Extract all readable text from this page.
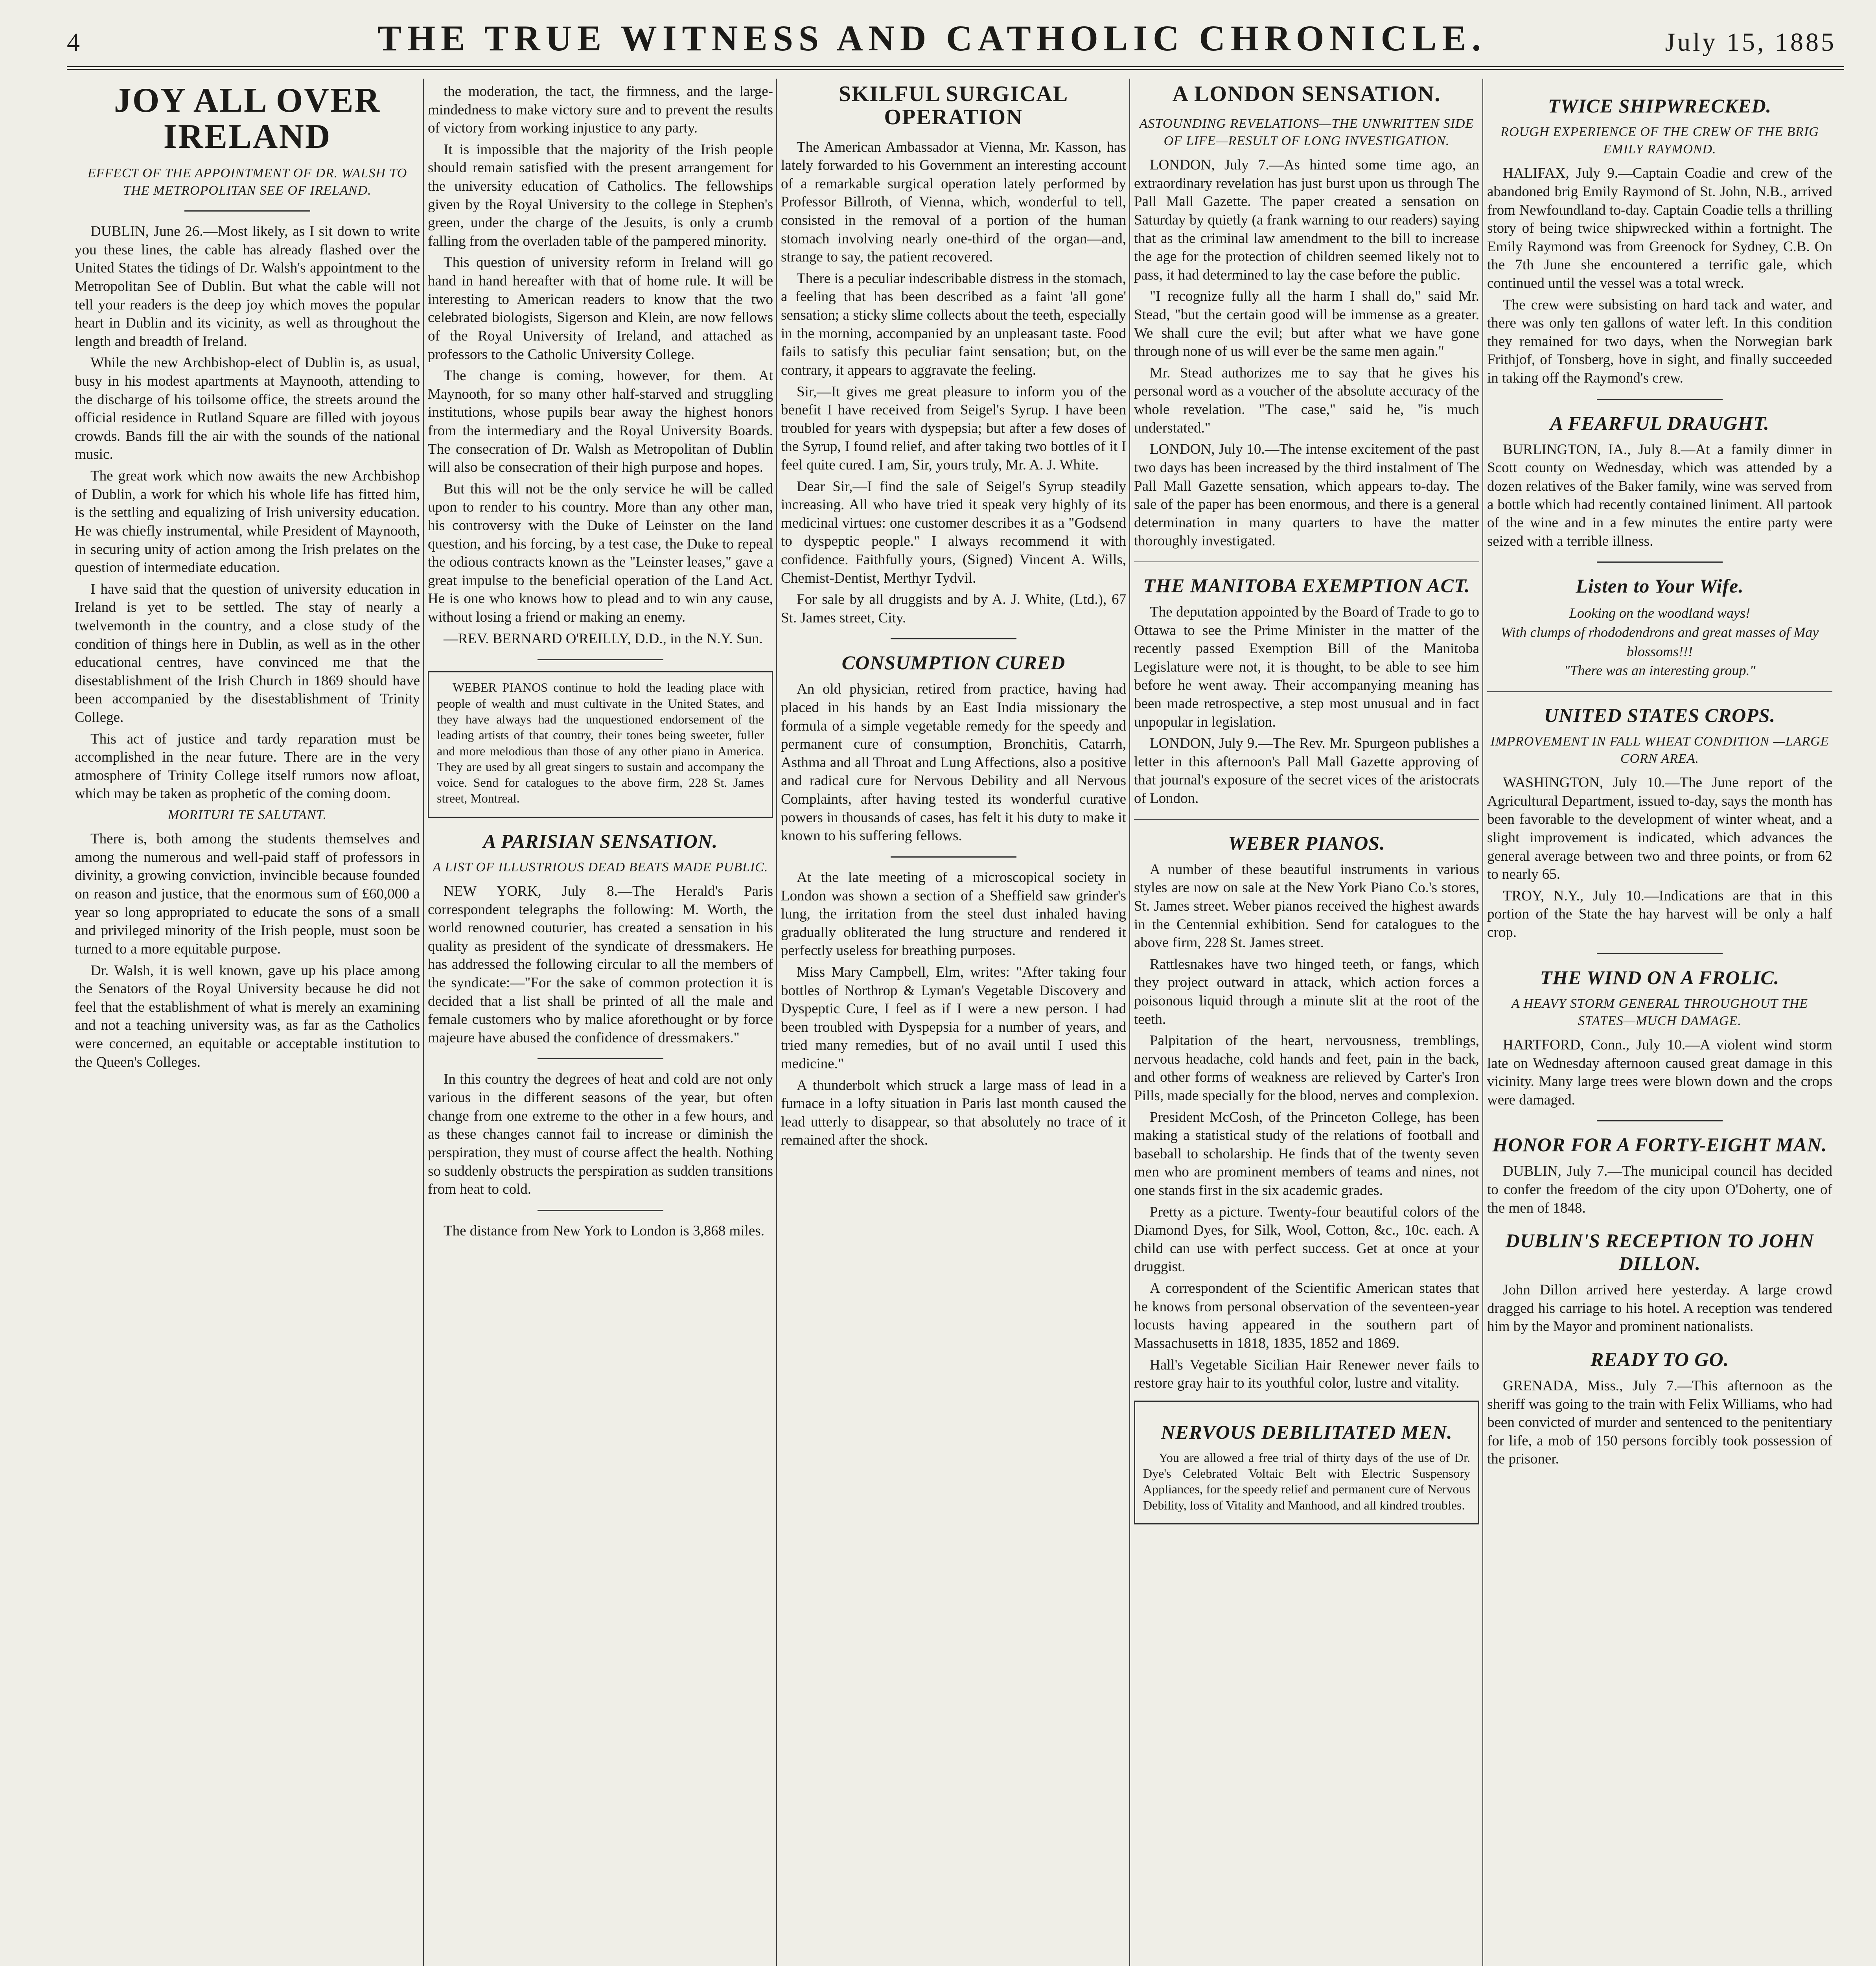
4	THE TRUE WITNESS AND CATHOLIC CHRONICLE.	July 15, 1885
JOY ALL OVER IRELAND
EFFECT OF THE APPOINTMENT OF DR. WALSH TO THE METROPOLITAN SEE OF IRELAND.

DUBLIN, June 26.—Most likely, as I sit down to write you these lines, the cable has already flashed over the United States the tidings of Dr. Walsh's appointment to the Metropolitan See of Dublin. But what the cable will not tell your readers is the deep joy which moves the popular heart in Dublin and its vicinity, as well as throughout the length and breadth of Ireland.

While the new Archbishop-elect of Dublin is, as usual, busy in his modest apartments at Maynooth, attending to the discharge of his toilsome office, the streets around the official residence in Rutland Square are filled with joyous crowds. Bands fill the air with the sounds of the national music.

The great work which now awaits the new Archbishop of Dublin, a work for which his whole life has fitted him, is the settling and equalizing of Irish university education. He was chiefly instrumental, while President of Maynooth, in securing unity of action among the Irish prelates on the question of intermediate education.

I have said that the question of university education in Ireland is yet to be settled. The stay of nearly a twelvemonth in the country, and a close study of the condition of things here in Dublin, as well as in the other educational centres, have convinced me that the disestablishment of the Irish Church in 1869 should have been accompanied by the disestablishment of Trinity College.

This act of justice and tardy reparation must be accomplished in the near future. There are in the very atmosphere of Trinity College itself rumors now afloat, which may be taken as prophetic of the coming doom.

MORITURI TE SALUTANT.

There is, both among the students themselves and among the numerous and well-paid staff of professors in divinity, a growing conviction, invincible because founded on reason and justice, that the enormous sum of £60,000 a year so long appropriated to educate the sons of a small and privileged minority of the Irish people, must soon be turned to a more equitable purpose.

Dr. Walsh, it is well known, gave up his place among the Senators of the Royal University because he did not feel that the establishment of what is merely an examining and not a teaching university was, as far as the Catholics were concerned, an equitable or acceptable institution to the Queen's Colleges.

the moderation, the tact, the firmness, and the large-mindedness to make victory sure and to prevent the results of victory from working injustice to any party.

It is impossible that the majority of the Irish people should remain satisfied with the present arrangement for the university education of Catholics. The fellowships given by the Royal University to the college in Stephen's green, under the charge of the Jesuits, is only a crumb falling from the overladen table of the pampered minority.

This question of university reform in Ireland will go hand in hand hereafter with that of home rule. It will be interesting to American readers to know that the two celebrated biologists, Sigerson and Klein, are now fellows of the Royal University of Ireland, and attached as professors to the Catholic University College.

The change is coming, however, for them. At Maynooth, for so many other half-starved and struggling institutions, whose pupils bear away the highest honors from the intermediary and the Royal University Boards. The consecration of Dr. Walsh as Metropolitan of Dublin will also be consecration of their high purpose and hopes.

But this will not be the only service he will be called upon to render to his country. More than any other man, his controversy with the Duke of Leinster on the land question, and his forcing, by a test case, the Duke to repeal the odious contracts known as the "Leinster leases," gave a great impulse to the beneficial operation of the Land Act. He is one who knows how to plead and to win any cause, without losing a friend or making an enemy.

—REV. BERNARD O'REILLY, D.D., in the N.Y. Sun.

WEBER PIANOS continue to hold the leading place with people of wealth and must cultivate in the United States, and they have always had the unquestioned endorsement of the leading artists of that country, their tones being sweeter, fuller and more melodious than those of any other piano in America. They are used by all great singers to sustain and accompany the voice. Send for catalogues to the above firm, 228 St. James street, Montreal.

A PARISIAN SENSATION.
A LIST OF ILLUSTRIOUS DEAD BEATS MADE PUBLIC.

NEW YORK, July 8.—The Herald's Paris correspondent telegraphs the following: M. Worth, the world renowned couturier, has created a sensation in his quality as president of the syndicate of dressmakers. He has addressed the following circular to all the members of the syndicate:—"For the sake of common protection it is decided that a list shall be printed of all the male and female customers who by malice aforethought or by force majeure have abused the confidence of dressmakers."

In this country the degrees of heat and cold are not only various in the different seasons of the year, but often change from one extreme to the other in a few hours, and as these changes cannot fail to increase or diminish the perspiration, they must of course affect the health. Nothing so suddenly obstructs the perspiration as sudden transitions from heat to cold.

The distance from New York to London is 3,868 miles.

SKILFUL SURGICAL OPERATION

The American Ambassador at Vienna, Mr. Kasson, has lately forwarded to his Government an interesting account of a remarkable surgical operation lately performed by Professor Billroth, of Vienna, which, wonderful to tell, consisted in the removal of a portion of the human stomach involving nearly one-third of the organ—and, strange to say, the patient recovered.

There is a peculiar indescribable distress in the stomach, a feeling that has been described as a faint 'all gone' sensation; a sticky slime collects about the teeth, especially in the morning, accompanied by an unpleasant taste. Food fails to satisfy this peculiar faint sensation; but, on the contrary, it appears to aggravate the feeling.

Sir,—It gives me great pleasure to inform you of the benefit I have received from Seigel's Syrup. I have been troubled for years with dyspepsia; but after a few doses of the Syrup, I found relief, and after taking two bottles of it I feel quite cured. I am, Sir, yours truly, Mr. A. J. White.

Dear Sir,—I find the sale of Seigel's Syrup steadily increasing. All who have tried it speak very highly of its medicinal virtues: one customer describes it as a "Godsend to dyspeptic people." I always recommend it with confidence. Faithfully yours, (Signed) Vincent A. Wills, Chemist-Dentist, Merthyr Tydvil.

For sale by all druggists and by A. J. White, (Ltd.), 67 St. James street, City.

CONSUMPTION CURED

An old physician, retired from practice, having had placed in his hands by an East India missionary the formula of a simple vegetable remedy for the speedy and permanent cure of consumption, Bronchitis, Catarrh, Asthma and all Throat and Lung Affections, also a positive and radical cure for Nervous Debility and all Nervous Complaints, after having tested its wonderful curative powers in thousands of cases, has felt it his duty to make it known to his suffering fellows.

At the late meeting of a microscopical society in London was shown a section of a Sheffield saw grinder's lung, the irritation from the steel dust inhaled having gradually obliterated the lung structure and rendered it perfectly useless for breathing purposes.

Miss Mary Campbell, Elm, writes: "After taking four bottles of Northrop & Lyman's Vegetable Discovery and Dyspeptic Cure, I feel as if I were a new person. I had been troubled with Dyspepsia for a number of years, and tried many remedies, but of no avail until I used this medicine."

A thunderbolt which struck a large mass of lead in a furnace in a lofty situation in Paris last month caused the lead utterly to disappear, so that absolutely no trace of it remained after the shock.

A LONDON SENSATION.
ASTOUNDING REVELATIONS—THE UNWRITTEN SIDE OF LIFE—RESULT OF LONG INVESTIGATION.

LONDON, July 7.—As hinted some time ago, an extraordinary revelation has just burst upon us through The Pall Mall Gazette. The paper created a sensation on Saturday by quietly (a frank warning to our readers) saying that as the criminal law amendment to the bill to increase the age for the protection of children seemed likely not to pass, it had determined to lay the case before the public.

"I recognize fully all the harm I shall do," said Mr. Stead, "but the certain good will be immense as a greater. We shall cure the evil; but after what we have gone through none of us will ever be the same men again."

Mr. Stead authorizes me to say that he gives his personal word as a voucher of the absolute accuracy of the whole revelation. "The case," said he, "is much understated."

LONDON, July 10.—The intense excitement of the past two days has been increased by the third instalment of The Pall Mall Gazette sensation, which appears to-day. The sale of the paper has been enormous, and there is a general determination in many quarters to have the matter thoroughly investigated.

THE MANITOBA EXEMPTION ACT.

The deputation appointed by the Board of Trade to go to Ottawa to see the Prime Minister in the matter of the recently passed Exemption Bill of the Manitoba Legislature were not, it is thought, to be able to see him before he went away. Their accompanying meaning has been made retrospective, a step most unusual and in fact unpopular in legislation.

LONDON, July 9.—The Rev. Mr. Spurgeon publishes a letter in this afternoon's Pall Mall Gazette approving of that journal's exposure of the secret vices of the aristocrats of London.

WEBER PIANOS.

A number of these beautiful instruments in various styles are now on sale at the New York Piano Co.'s stores, St. James street. Weber pianos received the highest awards in the Centennial exhibition. Send for catalogues to the above firm, 228 St. James street.

Rattlesnakes have two hinged teeth, or fangs, which they project outward in attack, which action forces a poisonous liquid through a minute slit at the root of the teeth.

Palpitation of the heart, nervousness, tremblings, nervous headache, cold hands and feet, pain in the back, and other forms of weakness are relieved by Carter's Iron Pills, made specially for the blood, nerves and complexion.

President McCosh, of the Princeton College, has been making a statistical study of the relations of football and baseball to scholarship. He finds that of the twenty seven men who are prominent members of teams and nines, not one stands first in the six academic grades.

Pretty as a picture. Twenty-four beautiful colors of the Diamond Dyes, for Silk, Wool, Cotton, &c., 10c. each. A child can use with perfect success. Get at once at your druggist.

A correspondent of the Scientific American states that he knows from personal observation of the seventeen-year locusts having appeared in the southern part of Massachusetts in 1818, 1835, 1852 and 1869.

Hall's Vegetable Sicilian Hair Renewer never fails to restore gray hair to its youthful color, lustre and vitality.

NERVOUS DEBILITATED MEN.

You are allowed a free trial of thirty days of the use of Dr. Dye's Celebrated Voltaic Belt with Electric Suspensory Appliances, for the speedy relief and permanent cure of Nervous Debility, loss of Vitality and Manhood, and all kindred troubles.

TWICE SHIPWRECKED.
ROUGH EXPERIENCE OF THE CREW OF THE BRIG EMILY RAYMOND.

HALIFAX, July 9.—Captain Coadie and crew of the abandoned brig Emily Raymond of St. John, N.B., arrived from Newfoundland to-day. Captain Coadie tells a thrilling story of being twice shipwrecked within a fortnight. The Emily Raymond was from Greenock for Sydney, C.B. On the 7th June she encountered a terrific gale, which continued until the vessel was a total wreck.

The crew were subsisting on hard tack and water, and there was only ten gallons of water left. In this condition they remained for two days, when the Norwegian bark Frithjof, of Tonsberg, hove in sight, and finally succeeded in taking off the Raymond's crew.

A FEARFUL DRAUGHT.

BURLINGTON, IA., July 8.—At a family dinner in Scott county on Wednesday, which was attended by a dozen relatives of the Baker family, wine was served from a bottle which had recently contained liniment. All partook of the wine and in a few minutes the entire party were seized with a terrible illness.

Listen to Your Wife.
Looking on the woodland ways!
With clumps of rhododendrons and great masses of May blossoms!!!
"There was an interesting group."
UNITED STATES CROPS.
IMPROVEMENT IN FALL WHEAT CONDITION —LARGE CORN AREA.

WASHINGTON, July 10.—The June report of the Agricultural Department, issued to-day, says the month has been favorable to the development of winter wheat, and a slight improvement is indicated, which advances the general average between two and three points, or from 62 to nearly 65.

TROY, N.Y., July 10.—Indications are that in this portion of the State the hay harvest will be only a half crop.

THE WIND ON A FROLIC.
A HEAVY STORM GENERAL THROUGHOUT THE STATES—MUCH DAMAGE.

HARTFORD, Conn., July 10.—A violent wind storm late on Wednesday afternoon caused great damage in this vicinity. Many large trees were blown down and the crops were damaged.

HONOR FOR A FORTY-EIGHT MAN.

DUBLIN, July 7.—The municipal council has decided to confer the freedom of the city upon O'Doherty, one of the men of 1848.

DUBLIN'S RECEPTION TO JOHN DILLON.

John Dillon arrived here yesterday. A large crowd dragged his carriage to his hotel. A reception was tendered him by the Mayor and prominent nationalists.

READY TO GO.

GRENADA, Miss., July 7.—This afternoon as the sheriff was going to the train with Felix Williams, who had been convicted of murder and sentenced to the penitentiary for life, a mob of 150 persons forcibly took possession of the prisoner.
